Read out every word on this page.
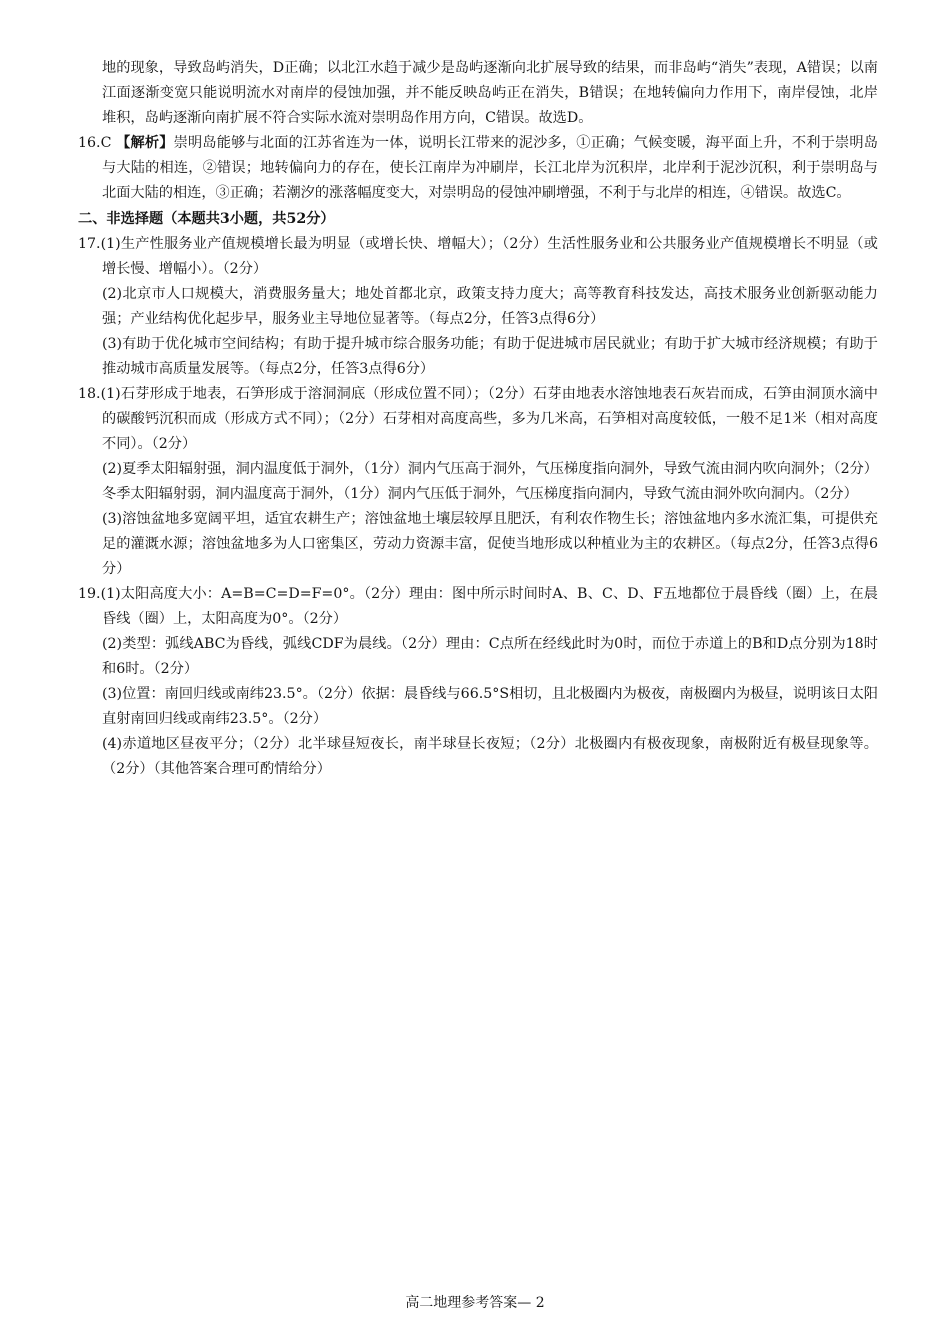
地的现象，导致岛屿消失，D正确；以北江水趋于减少是岛屿逐渐向北扩展导致的结果，而非岛屿“消失”表现，A错误；以南江面逐渐变宽只能说明流水对南岸的侵蚀加强，并不能反映岛屿正在消失，B错误；在地转偏向力作用下，南岸侵蚀，北岸堆积，岛屿逐渐向南扩展不符合实际水流对崇明岛作用方向，C错误。故选D。

16.C 【解析】崇明岛能够与北面的江苏省连为一体，说明长江带来的泥沙多，①正确；气候变暖，海平面上升，不利于崇明岛与大陆的相连，②错误；地转偏向力的存在，使长江南岸为冲刷岸，长江北岸为沉积岸，北岸利于泥沙沉积，利于崇明岛与北面大陆的相连，③正确；若潮汐的涨落幅度变大，对崇明岛的侵蚀冲刷增强，不利于与北岸的相连，④错误。故选C。

二、非选择题（本题共3小题，共52分）

17.(1)生产性服务业产值规模增长最为明显（或增长快、增幅大）；（2分）生活性服务业和公共服务业产值规模增长不明显（或增长慢、增幅小）。（2分）

(2)北京市人口规模大，消费服务量大；地处首都北京，政策支持力度大；高等教育科技发达，高技术服务业创新驱动能力强；产业结构优化起步早，服务业主导地位显著等。（每点2分，任答3点得6分）

(3)有助于优化城市空间结构；有助于提升城市综合服务功能；有助于促进城市居民就业；有助于扩大城市经济规模；有助于推动城市高质量发展等。（每点2分，任答3点得6分）

18.(1)石芽形成于地表，石笋形成于溶洞洞底（形成位置不同）；（2分）石芽由地表水溶蚀地表石灰岩而成，石笋由洞顶水滴中的碳酸钙沉积而成（形成方式不同）；（2分）石芽相对高度高些，多为几米高，石笋相对高度较低，一般不足1米（相对高度不同）。（2分）

(2)夏季太阳辐射强，洞内温度低于洞外，（1分）洞内气压高于洞外，气压梯度指向洞外，导致气流由洞内吹向洞外；（2分）冬季太阳辐射弱，洞内温度高于洞外，（1分）洞内气压低于洞外，气压梯度指向洞内，导致气流由洞外吹向洞内。（2分）

(3)溶蚀盆地多宽阔平坦，适宜农耕生产；溶蚀盆地土壤层较厚且肥沃，有利农作物生长；溶蚀盆地内多水流汇集，可提供充足的灌溉水源；溶蚀盆地多为人口密集区，劳动力资源丰富，促使当地形成以种植业为主的农耕区。（每点2分，任答3点得6分）

19.(1)太阳高度大小：A=B=C=D=F=0°。（2分）理由：图中所示时间时A、B、C、D、F五地都位于晨昏线（圈）上，在晨昏线（圈）上，太阳高度为0°。（2分）

(2)类型：弧线ABC为昏线，弧线CDF为晨线。（2分）理由：C点所在经线此时为0时，而位于赤道上的B和D点分别为18时和6时。（2分）

(3)位置：南回归线或南纬23.5°。（2分）依据：晨昏线与66.5°S相切，且北极圈内为极夜，南极圈内为极昼，说明该日太阳直射南回归线或南纬23.5°。（2分）

(4)赤道地区昼夜平分；（2分）北半球昼短夜长，南半球昼长夜短；（2分）北极圈内有极夜现象，南极附近有极昼现象等。（2分）（其他答案合理可酌情给分）

高二地理参考答案— 2
